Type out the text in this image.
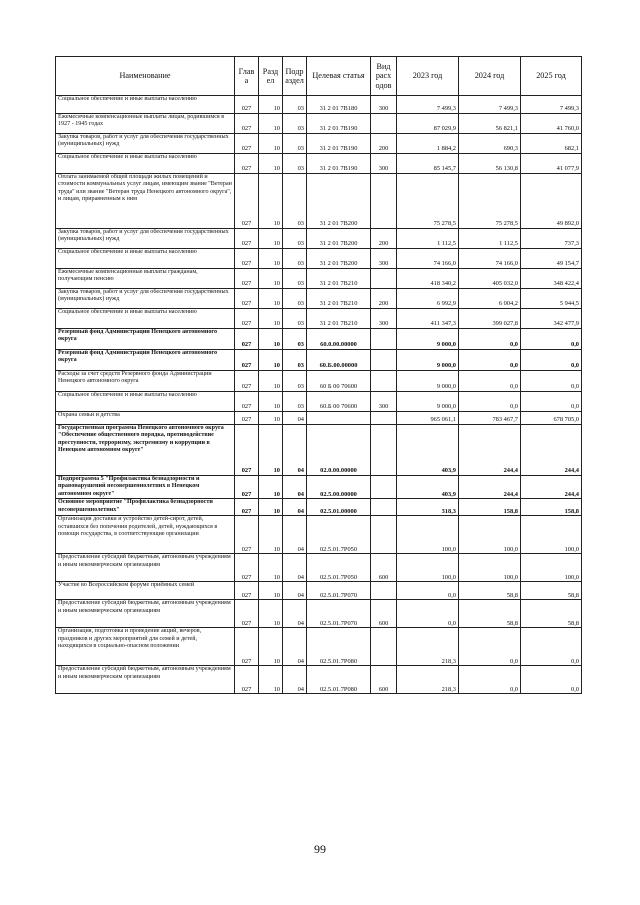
Наименование	Глав а	Разд ел	Подр аздел	Целевая статья	Вид расх одов	2023 год	2024 год	2025 год
Социальное обеспечение и иные выплаты населению	027	10	03	31 2 01 7В180	300	7 499,3	7 499,3	7 499,3
Ежемесячные компенсационные выплаты лицам, родившимся в 1927 - 1945 годах	027	10	03	31 2 01 7В190		87 029,9	56 821,1	41 760,0
Закупка товаров, работ и услуг для обеспечения государственных (муниципальных) нужд	027	10	03	31 2 01 7В190	200	1 884,2	690,3	682,1
Социальное обеспечение и иные выплаты населению	027	10	03	31 2 01 7В190	300	85 145,7	56 130,8	41 077,9
Оплата занимаемой общей площади жилых помещений и стоимости коммунальных услуг лицам, имеющим звание "Ветеран труда" или звание "Ветеран труда Ненецкого автономного округа", и лицам, приравненным к ним	027	10	03	31 2 01 7В200		75 278,5	75 278,5	49 892,0
Закупка товаров, работ и услуг для обеспечения государственных (муниципальных) нужд	027	10	03	31 2 01 7В200	200	1 112,5	1 112,5	737,3
Социальное обеспечение и иные выплаты населению	027	10	03	31 2 01 7В200	300	74 166,0	74 166,0	49 154,7
Ежемесячные компенсационные выплаты гражданам, получающим пенсию	027	10	03	31 2 01 7В210		418 340,2	405 032,0	348 422,4
Закупка товаров, работ и услуг для обеспечения государственных (муниципальных) нужд	027	10	03	31 2 01 7В210	200	6 992,9	6 004,2	5 944,5
Социальное обеспечение и иные выплаты населению	027	10	03	31 2 01 7В210	300	411 347,3	399 027,8	342 477,9
Резервный фонд Администрации Ненецкого автономного округа	027	10	03	60.0.00.00000		9 000,0	0,0	0,0
Резервный фонд Администрации Ненецкого автономного округа	027	10	03	60.Б.00.00000		9 000,0	0,0	0,0
Расходы за счет средств Резервного фонда Администрации Ненецкого автономного округа	027	10	03	60 Б 00 70600		9 000,0	0,0	0,0
Социальное обеспечение и иные выплаты населению	027	10	03	60.Б 00 70600	300	9 000,0	0,0	0,0
Охрана семьи и детства	027	10	04			965 061,1	783 467,7	678 705,0
Государственная программа Ненецкого автономного округа "Обеспечение общественного порядка, противодействие преступности, терроризму, экстремизму и коррупции в Ненецком автономном округе"	027	10	04	02.0.00.00000		403,9	244,4	244,4
Подпрограмма 5 "Профилактика безнадзорности и правонарушений несовершеннолетних в Ненецком автономном округе"	027	10	04	02.5.00.00000		403,9	244,4	244,4
Основное мероприятие "Профилактика безнадзорности несовершеннолетних"	027	10	04	02.5.01.00000		318,3	158,8	158,8
Организация доставки и устройство детей-сирот, детей, оставшихся без попечения родителей, детей, нуждающихся в помощи государства, в соответствующие организации	027	10	04	02.5.01.7Р050		100,0	100,0	100,0
Предоставление субсидий бюджетным, автономным учреждениям и иным некоммерческим организациям	027	10	04	02.5.01.7Р050	600	100,0	100,0	100,0
Участие во Всероссийском форуме приёмных семей	027	10	04	02.5.01.7Р070		0,0	58,8	58,8
Предоставление субсидий бюджетным, автономным учреждениям и иным некоммерческим организациям	027	10	04	02.5.01.7Р070	600	0,0	58,8	58,8
Организация, подготовка и проведение акций, вечеров, праздников и других мероприятий для семей и детей, находящихся в социально-опасном положении	027	10	04	02.5.01.7Р080		218,3	0,0	0,0
Предоставление субсидий бюджетным, автономным учреждениям и иным некоммерческим организациям	027	10	04	02.5.01.7Р080	600	218,3	0,0	0,0
99
